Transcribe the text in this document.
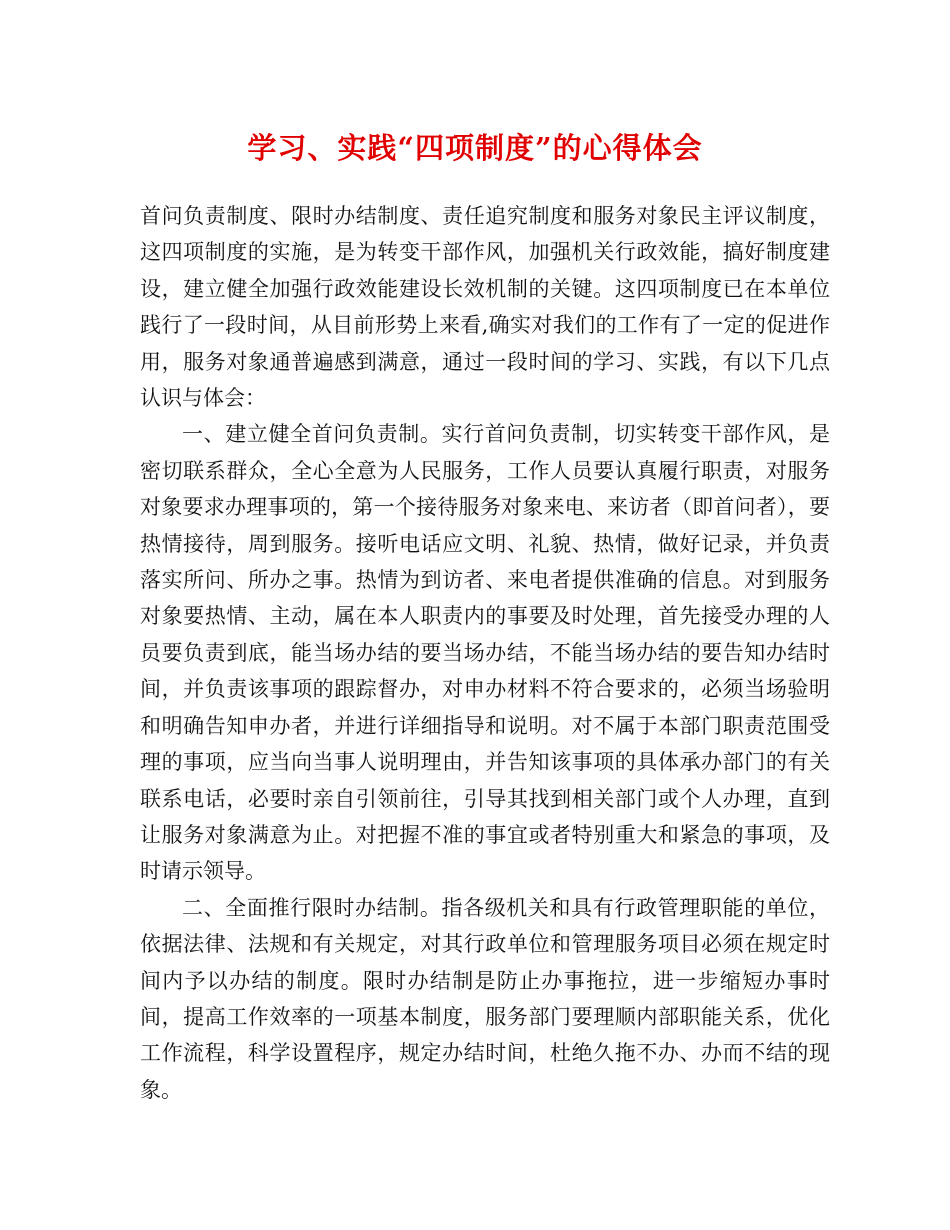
学习、实践“四项制度”的心得体会

首问负责制度、限时办结制度、责任追究制度和服务对象民主评议制度，这四项制度的实施，是为转变干部作风，加强机关行政效能，搞好制度建设，建立健全加强行政效能建设长效机制的关键。这四项制度已在本单位践行了一段时间，从目前形势上来看,确实对我们的工作有了一定的促进作用，服务对象通普遍感到满意，通过一段时间的学习、实践，有以下几点认识与体会：

一、建立健全首问负责制。实行首问负责制，切实转变干部作风，是密切联系群众，全心全意为人民服务，工作人员要认真履行职责，对服务对象要求办理事项的，第一个接待服务对象来电、来访者（即首问者），要热情接待，周到服务。接听电话应文明、礼貌、热情，做好记录，并负责落实所问、所办之事。热情为到访者、来电者提供准确的信息。对到服务对象要热情、主动，属在本人职责内的事要及时处理，首先接受办理的人员要负责到底，能当场办结的要当场办结，不能当场办结的要告知办结时间，并负责该事项的跟踪督办，对申办材料不符合要求的，必须当场验明和明确告知申办者，并进行详细指导和说明。对不属于本部门职责范围受理的事项，应当向当事人说明理由，并告知该事项的具体承办部门的有关联系电话，必要时亲自引领前往，引导其找到相关部门或个人办理，直到让服务对象满意为止。对把握不准的事宜或者特别重大和紧急的事项，及时请示领导。

二、全面推行限时办结制。指各级机关和具有行政管理职能的单位，依据法律、法规和有关规定，对其行政单位和管理服务项目必须在规定时间内予以办结的制度。限时办结制是防止办事拖拉，进一步缩短办事时间，提高工作效率的一项基本制度，服务部门要理顺内部职能关系，优化工作流程，科学设置程序，规定办结时间，杜绝久拖不办、办而不结的现象。
